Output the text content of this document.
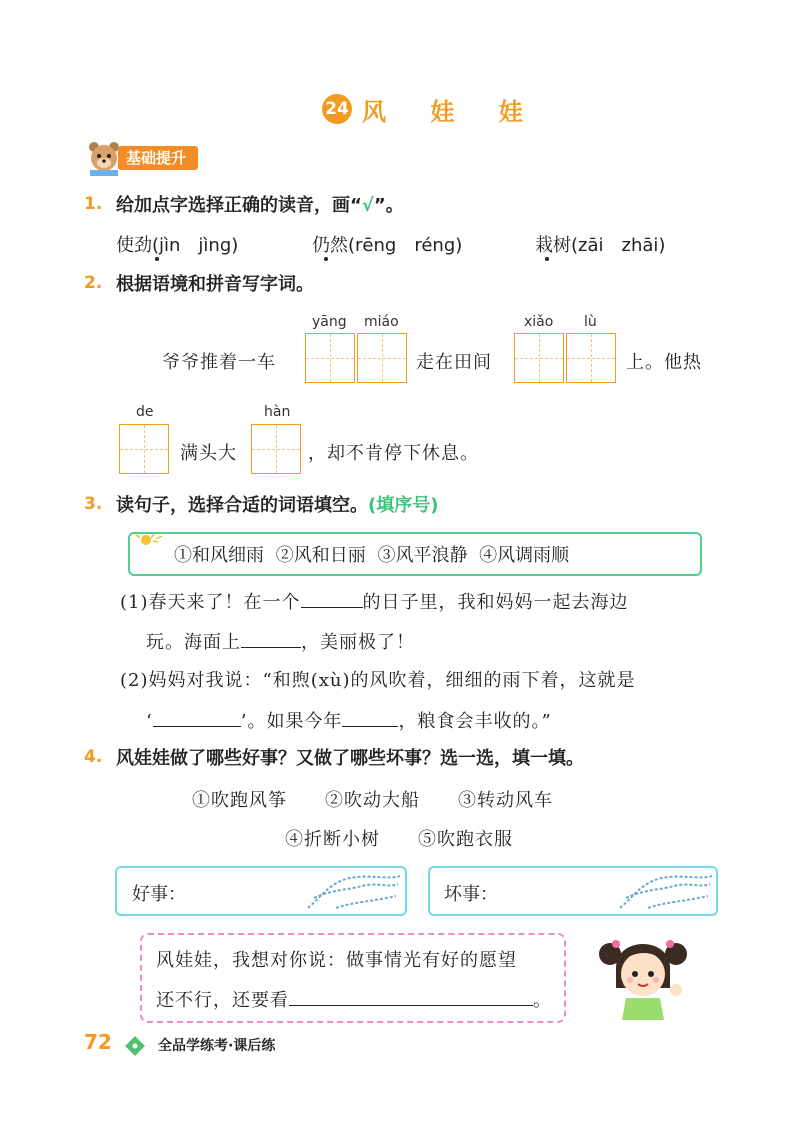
24 风 娃 娃
基础提升
1. 给加点字选择正确的读音，画“√”。
使劲(jìn　jìng)	仍然(rēng　réng)	栽树(zāi　zhāi)
2. 根据语境和拼音写字词。
yāng miáo	xiǎo lù
爷爷推着一车	走在田间	上。他热
de	hàn
满头大	，却不肯停下休息。
3. 读句子，选择合适的词语填空。(填序号)
①和风细雨 ②风和日丽 ③风平浪静 ④风调雨顺
(1)春天来了！在一个	的日子里，我和妈妈一起去海边
玩。海面上	，美丽极了！
(2)妈妈对我说：“和煦(xù)的风吹着，细细的雨下着，这就是
‘	’。如果今年	，粮食会丰收的。”
4. 风娃娃做了哪些好事？又做了哪些坏事？选一选，填一填。
①吹跑风筝　　②吹动大船　　③转动风车
④折断小树　　⑤吹跑衣服
好事：	坏事：
风娃娃，我想对你说：做事情光有好的愿望
还不行，还要看	。
72	全品学练考·课后练
